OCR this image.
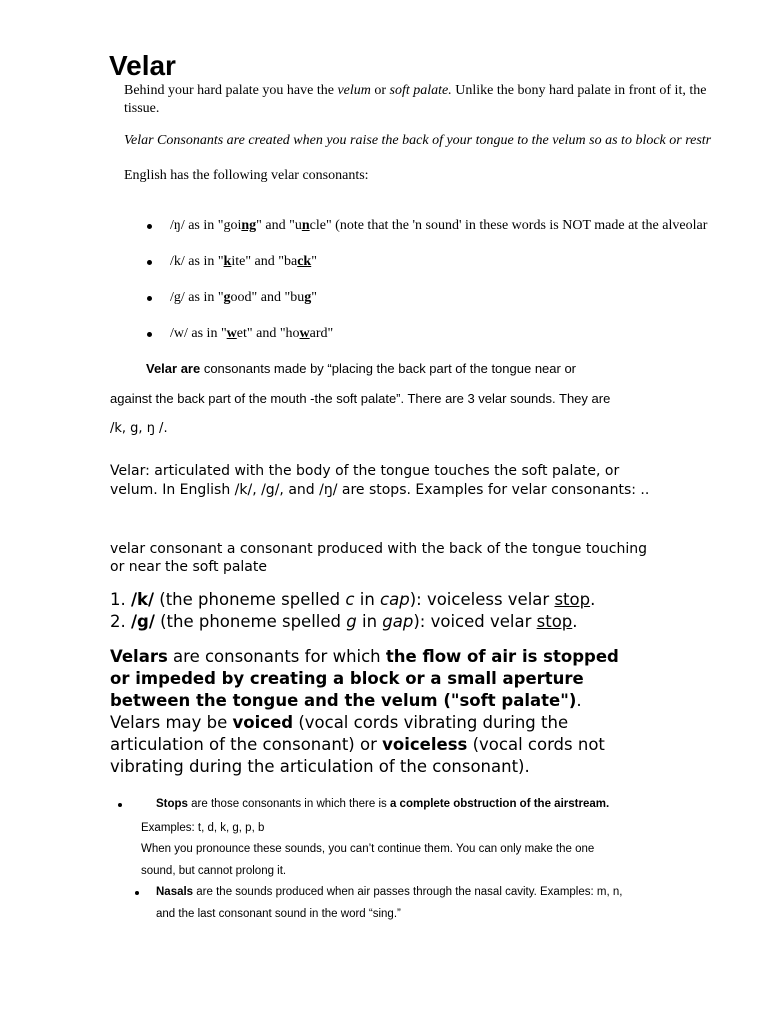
Velar
Behind your hard palate you have the velum or soft palate. Unlike the bony hard palate in front of it, the
tissue.
Velar Consonants are created when you raise the back of your tongue to the velum so as to block or restr
English has the following velar consonants:
/ŋ/ as in "going" and "uncle" (note that the 'n sound' in these words is NOT made at the alveolar
/k/ as in "kite" and "back"
/g/ as in "good" and "bug"
/w/ as in "wet" and "howard"
Velar are consonants made by “placing the back part of the tongue near or
against the back part of the mouth -the soft palate”. There are 3 velar sounds. They are
/k, g, ŋ /.
Velar: articulated with the body of the tongue touches the soft palate, or
velum. In English /k/, /g/, and /ŋ/ are stops. Examples for velar consonants: ..
velar consonant a consonant produced with the back of the tongue touching
or near the soft palate
1. /k/ (the phoneme spelled c in cap): voiceless velar stop.
2. /g/ (the phoneme spelled g in gap): voiced velar stop.
Velars are consonants for which the flow of air is stopped
or impeded by creating a block or a small aperture
between the tongue and the velum ("soft palate").
Velars may be voiced (vocal cords vibrating during the
articulation of the consonant) or voiceless (vocal cords not
vibrating during the articulation of the consonant).
Stops are those consonants in which there is a complete obstruction of the airstream.
Examples: t, d, k, g, p, b
When you pronounce these sounds, you can’t continue them. You can only make the one
sound, but cannot prolong it.
Nasals are the sounds produced when air passes through the nasal cavity. Examples: m, n,
and the last consonant sound in the word “sing.”
